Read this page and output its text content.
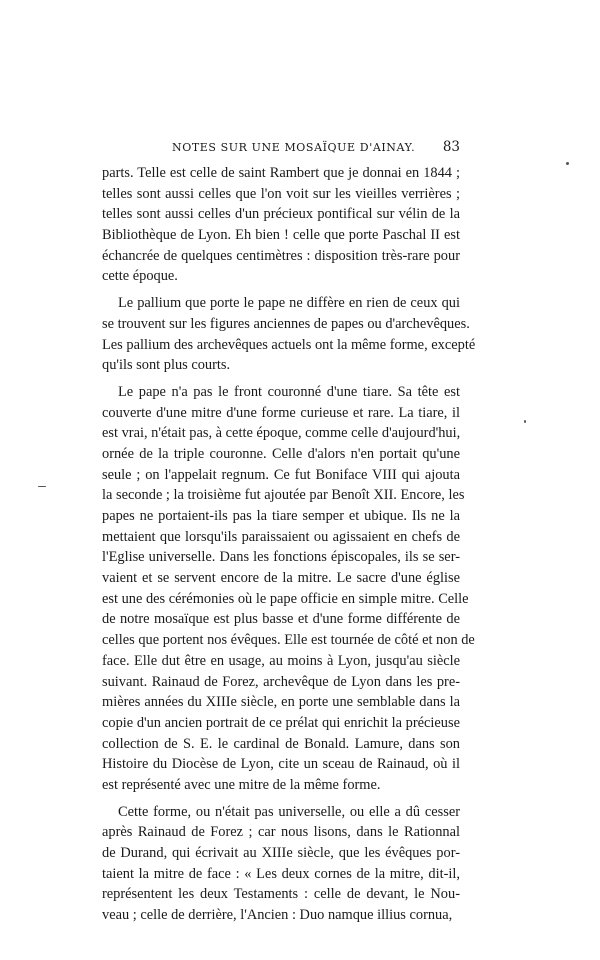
NOTES SUR UNE MOSAÏQUE D'AINAY. 83
parts. Telle est celle de saint Rambert que je donnai en 1844 ;
telles sont aussi celles que l'on voit sur les vieilles verrières ;
telles sont aussi celles d'un précieux pontifical sur vélin de la
Bibliothèque de Lyon. Eh bien ! celle que porte Paschal II est
échancrée de quelques centimètres : disposition très-rare pour
cette époque.
Le pallium que porte le pape ne diffère en rien de ceux qui
se trouvent sur les figures anciennes de papes ou d'archevêques.
Les pallium des archevêques actuels ont la même forme, excepté
qu'ils sont plus courts.
Le pape n'a pas le front couronné d'une tiare. Sa tête est
couverte d'une mitre d'une forme curieuse et rare. La tiare, il
est vrai, n'était pas, à cette époque, comme celle d'aujourd'hui,
ornée de la triple couronne. Celle d'alors n'en portait qu'une
seule ; on l'appelait regnum. Ce fut Boniface VIII qui ajouta
la seconde ; la troisième fut ajoutée par Benoît XII. Encore, les
papes ne portaient-ils pas la tiare semper et ubique. Ils ne la
mettaient que lorsqu'ils paraissaient ou agissaient en chefs de
l'Eglise universelle. Dans les fonctions épiscopales, ils se ser-
vaient et se servent encore de la mitre. Le sacre d'une église
est une des cérémonies où le pape officie en simple mitre. Celle
de notre mosaïque est plus basse et d'une forme différente de
celles que portent nos évêques. Elle est tournée de côté et non de
face. Elle dut être en usage, au moins à Lyon, jusqu'au siècle
suivant. Rainaud de Forez, archevêque de Lyon dans les pre-
mières années du XIIIe siècle, en porte une semblable dans la
copie d'un ancien portrait de ce prélat qui enrichit la précieuse
collection de S. E. le cardinal de Bonald. Lamure, dans son
Histoire du Diocèse de Lyon, cite un sceau de Rainaud, où il
est représenté avec une mitre de la même forme.
Cette forme, ou n'était pas universelle, ou elle a dû cesser
après Rainaud de Forez ; car nous lisons, dans le Rationnal
de Durand, qui écrivait au XIIIe siècle, que les évêques por-
taient la mitre de face : « Les deux cornes de la mitre, dit-il,
représentent les deux Testaments : celle de devant, le Nou-
veau ; celle de derrière, l'Ancien : Duo namque illius cornua,
